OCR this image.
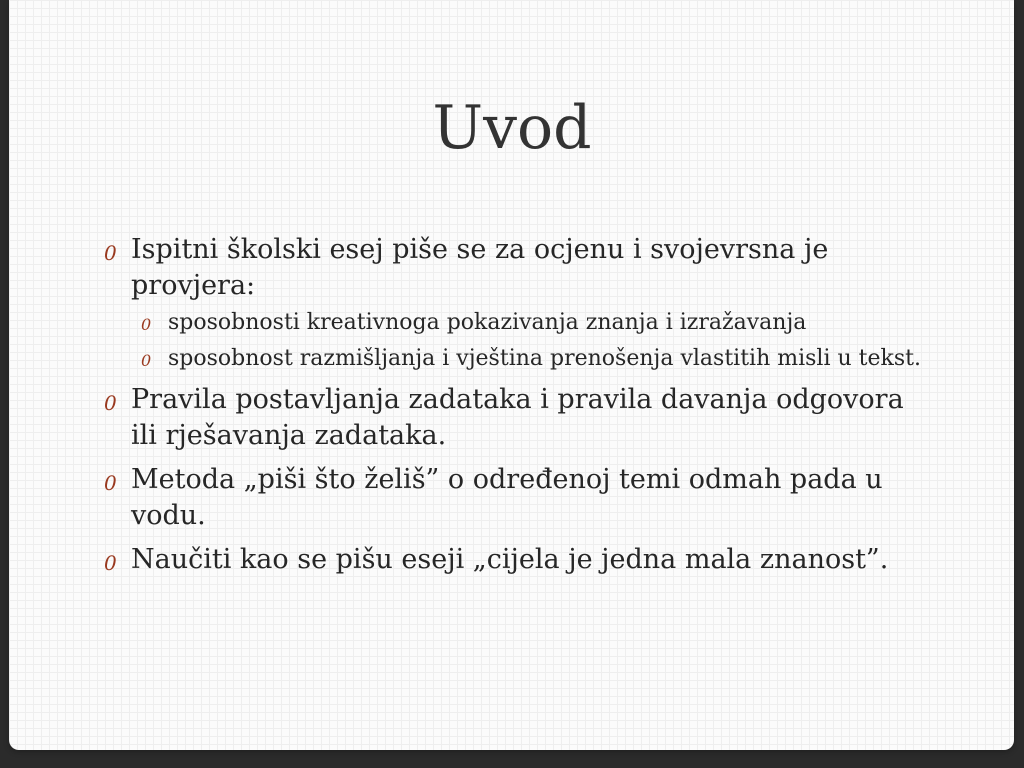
Uvod
0 Ispitni školski esej piše se za ocjenu i svojevrsna je provjera:
0 sposobnosti kreativnoga pokazivanja znanja i izražavanja
0 sposobnost razmišljanja i vještina prenošenja vlastitih misli u tekst.
0 Pravila postavljanja zadataka i pravila davanja odgovora ili rješavanja zadataka.
0 Metoda „piši što želiš” o određenoj temi odmah pada u vodu.
0 Naučiti kao se pišu eseji „cijela je jedna mala znanost”.
